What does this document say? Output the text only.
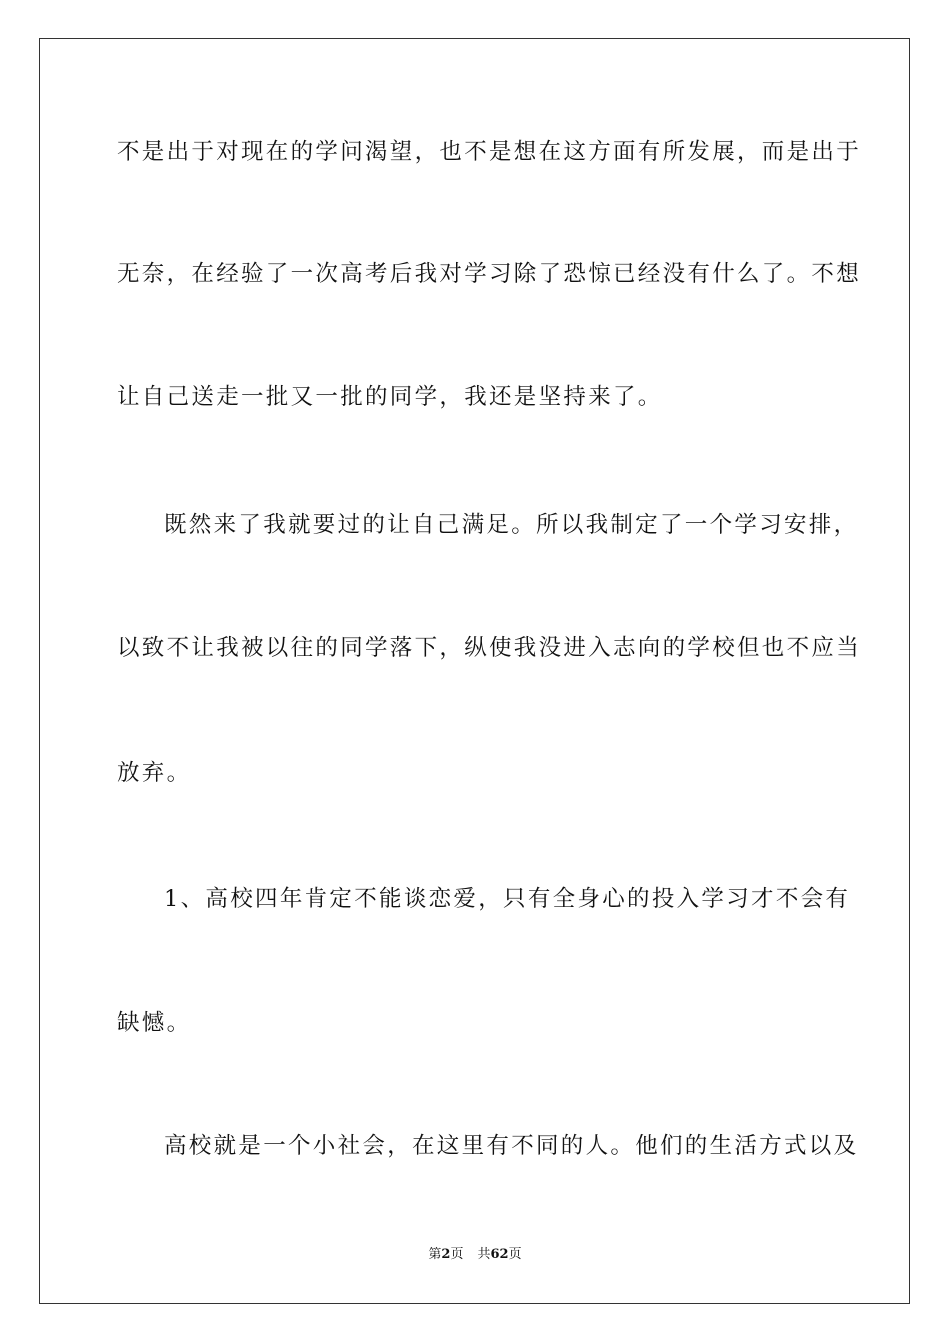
不是出于对现在的学问渴望，也不是想在这方面有所发展，而是出于
无奈，在经验了一次高考后我对学习除了恐惊已经没有什么了。不想
让自己送走一批又一批的同学，我还是坚持来了。
既然来了我就要过的让自己满足。所以我制定了一个学习安排，
以致不让我被以往的同学落下，纵使我没进入志向的学校但也不应当
放弃。
1、高校四年肯定不能谈恋爱，只有全身心的投入学习才不会有
缺憾。
高校就是一个小社会，在这里有不同的人。他们的生活方式以及
第2页 共62页
